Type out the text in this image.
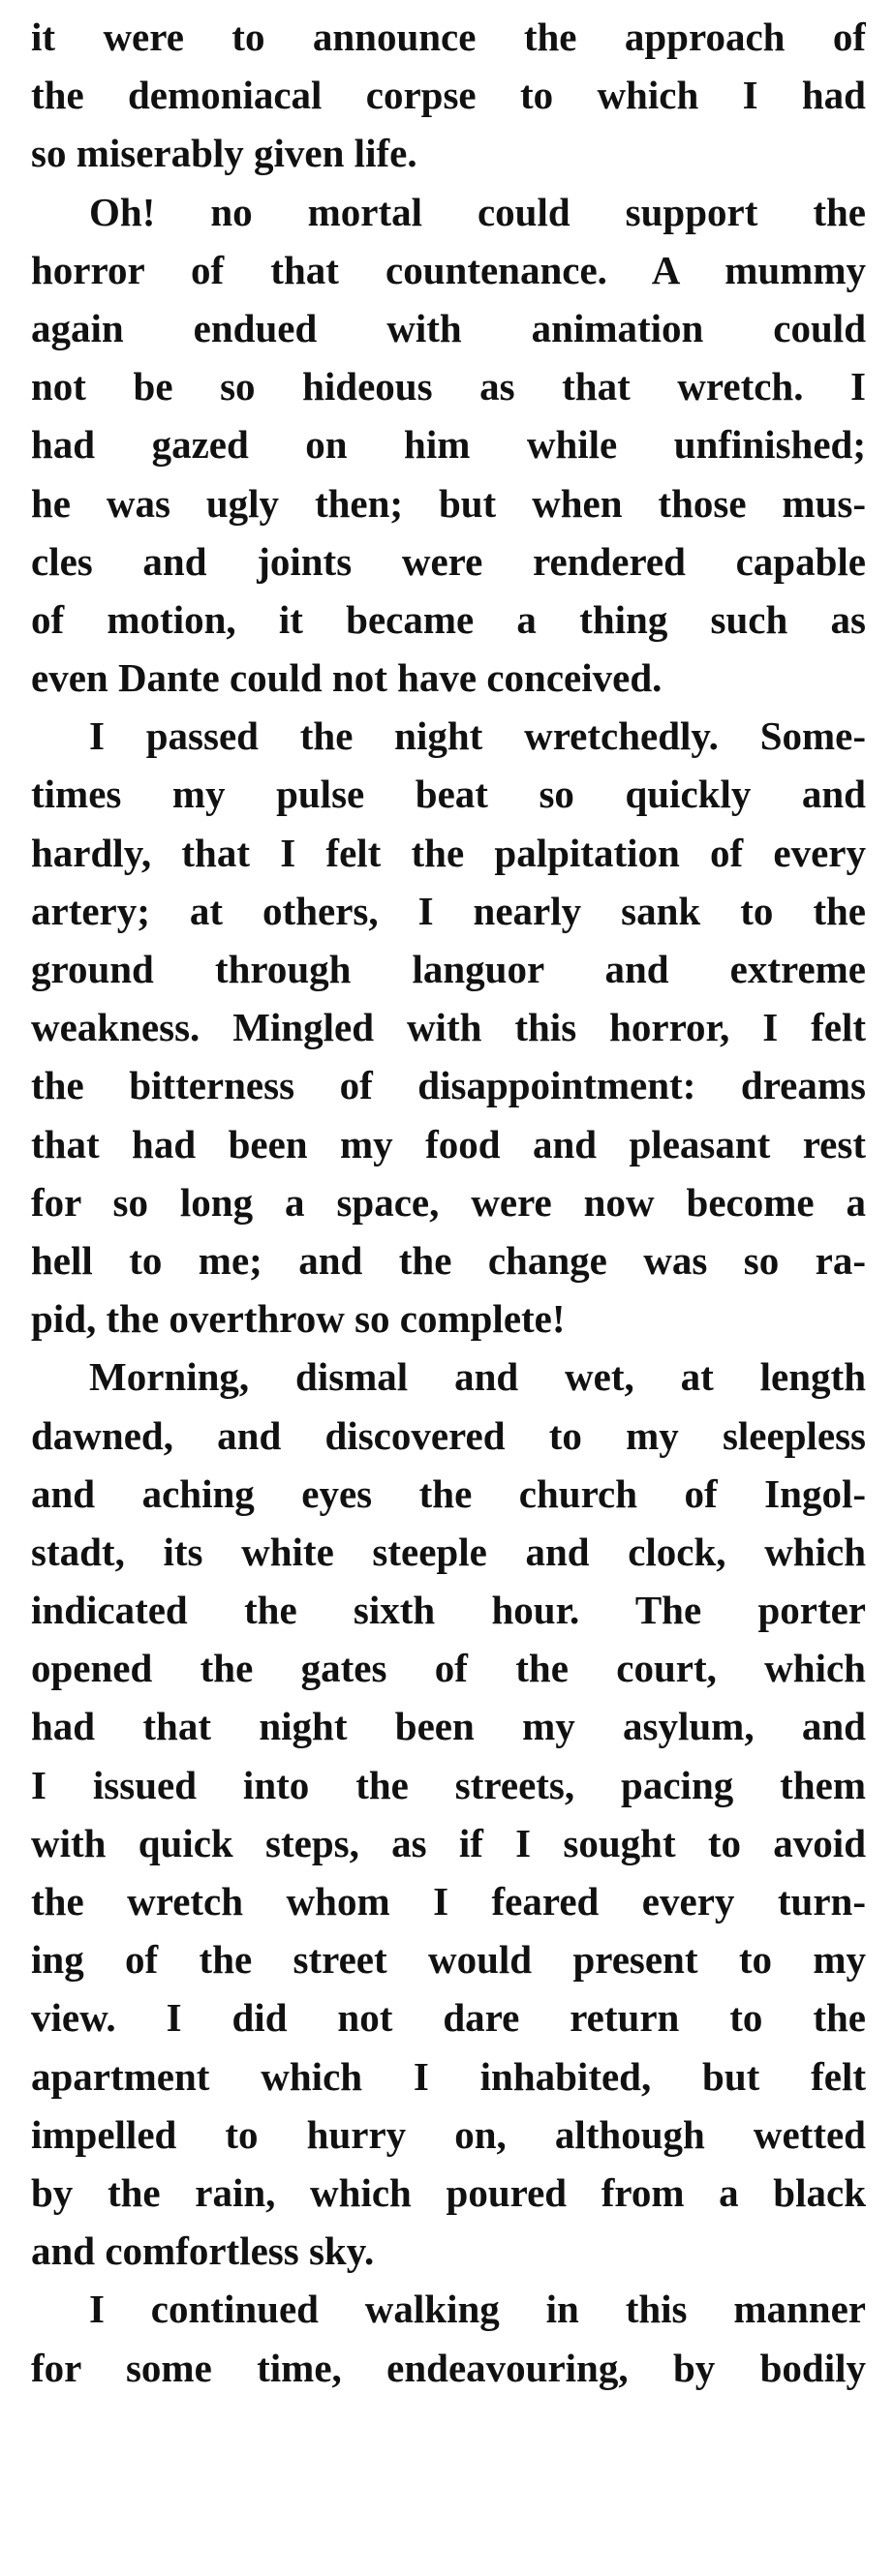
it were to announce the approach of
the demoniacal corpse to which I had
so miserably given life.
Oh! no mortal could support the
horror of that countenance. A mummy
again endued with animation could
not be so hideous as that wretch. I
had gazed on him while unfinished;
he was ugly then; but when those mus-
cles and joints were rendered capable
of motion, it became a thing such as
even Dante could not have conceived.
I passed the night wretchedly. Some-
times my pulse beat so quickly and
hardly, that I felt the palpitation of every
artery; at others, I nearly sank to the
ground through languor and extreme
weakness. Mingled with this horror, I felt
the bitterness of disappointment: dreams
that had been my food and pleasant rest
for so long a space, were now become a
hell to me; and the change was so ra-
pid, the overthrow so complete!
Morning, dismal and wet, at length
dawned, and discovered to my sleepless
and aching eyes the church of Ingol-
stadt, its white steeple and clock, which
indicated the sixth hour. The porter
opened the gates of the court, which
had that night been my asylum, and
I issued into the streets, pacing them
with quick steps, as if I sought to avoid
the wretch whom I feared every turn-
ing of the street would present to my
view. I did not dare return to the
apartment which I inhabited, but felt
impelled to hurry on, although wetted
by the rain, which poured from a black
and comfortless sky.
I continued walking in this manner
for some time, endeavouring, by bodily
